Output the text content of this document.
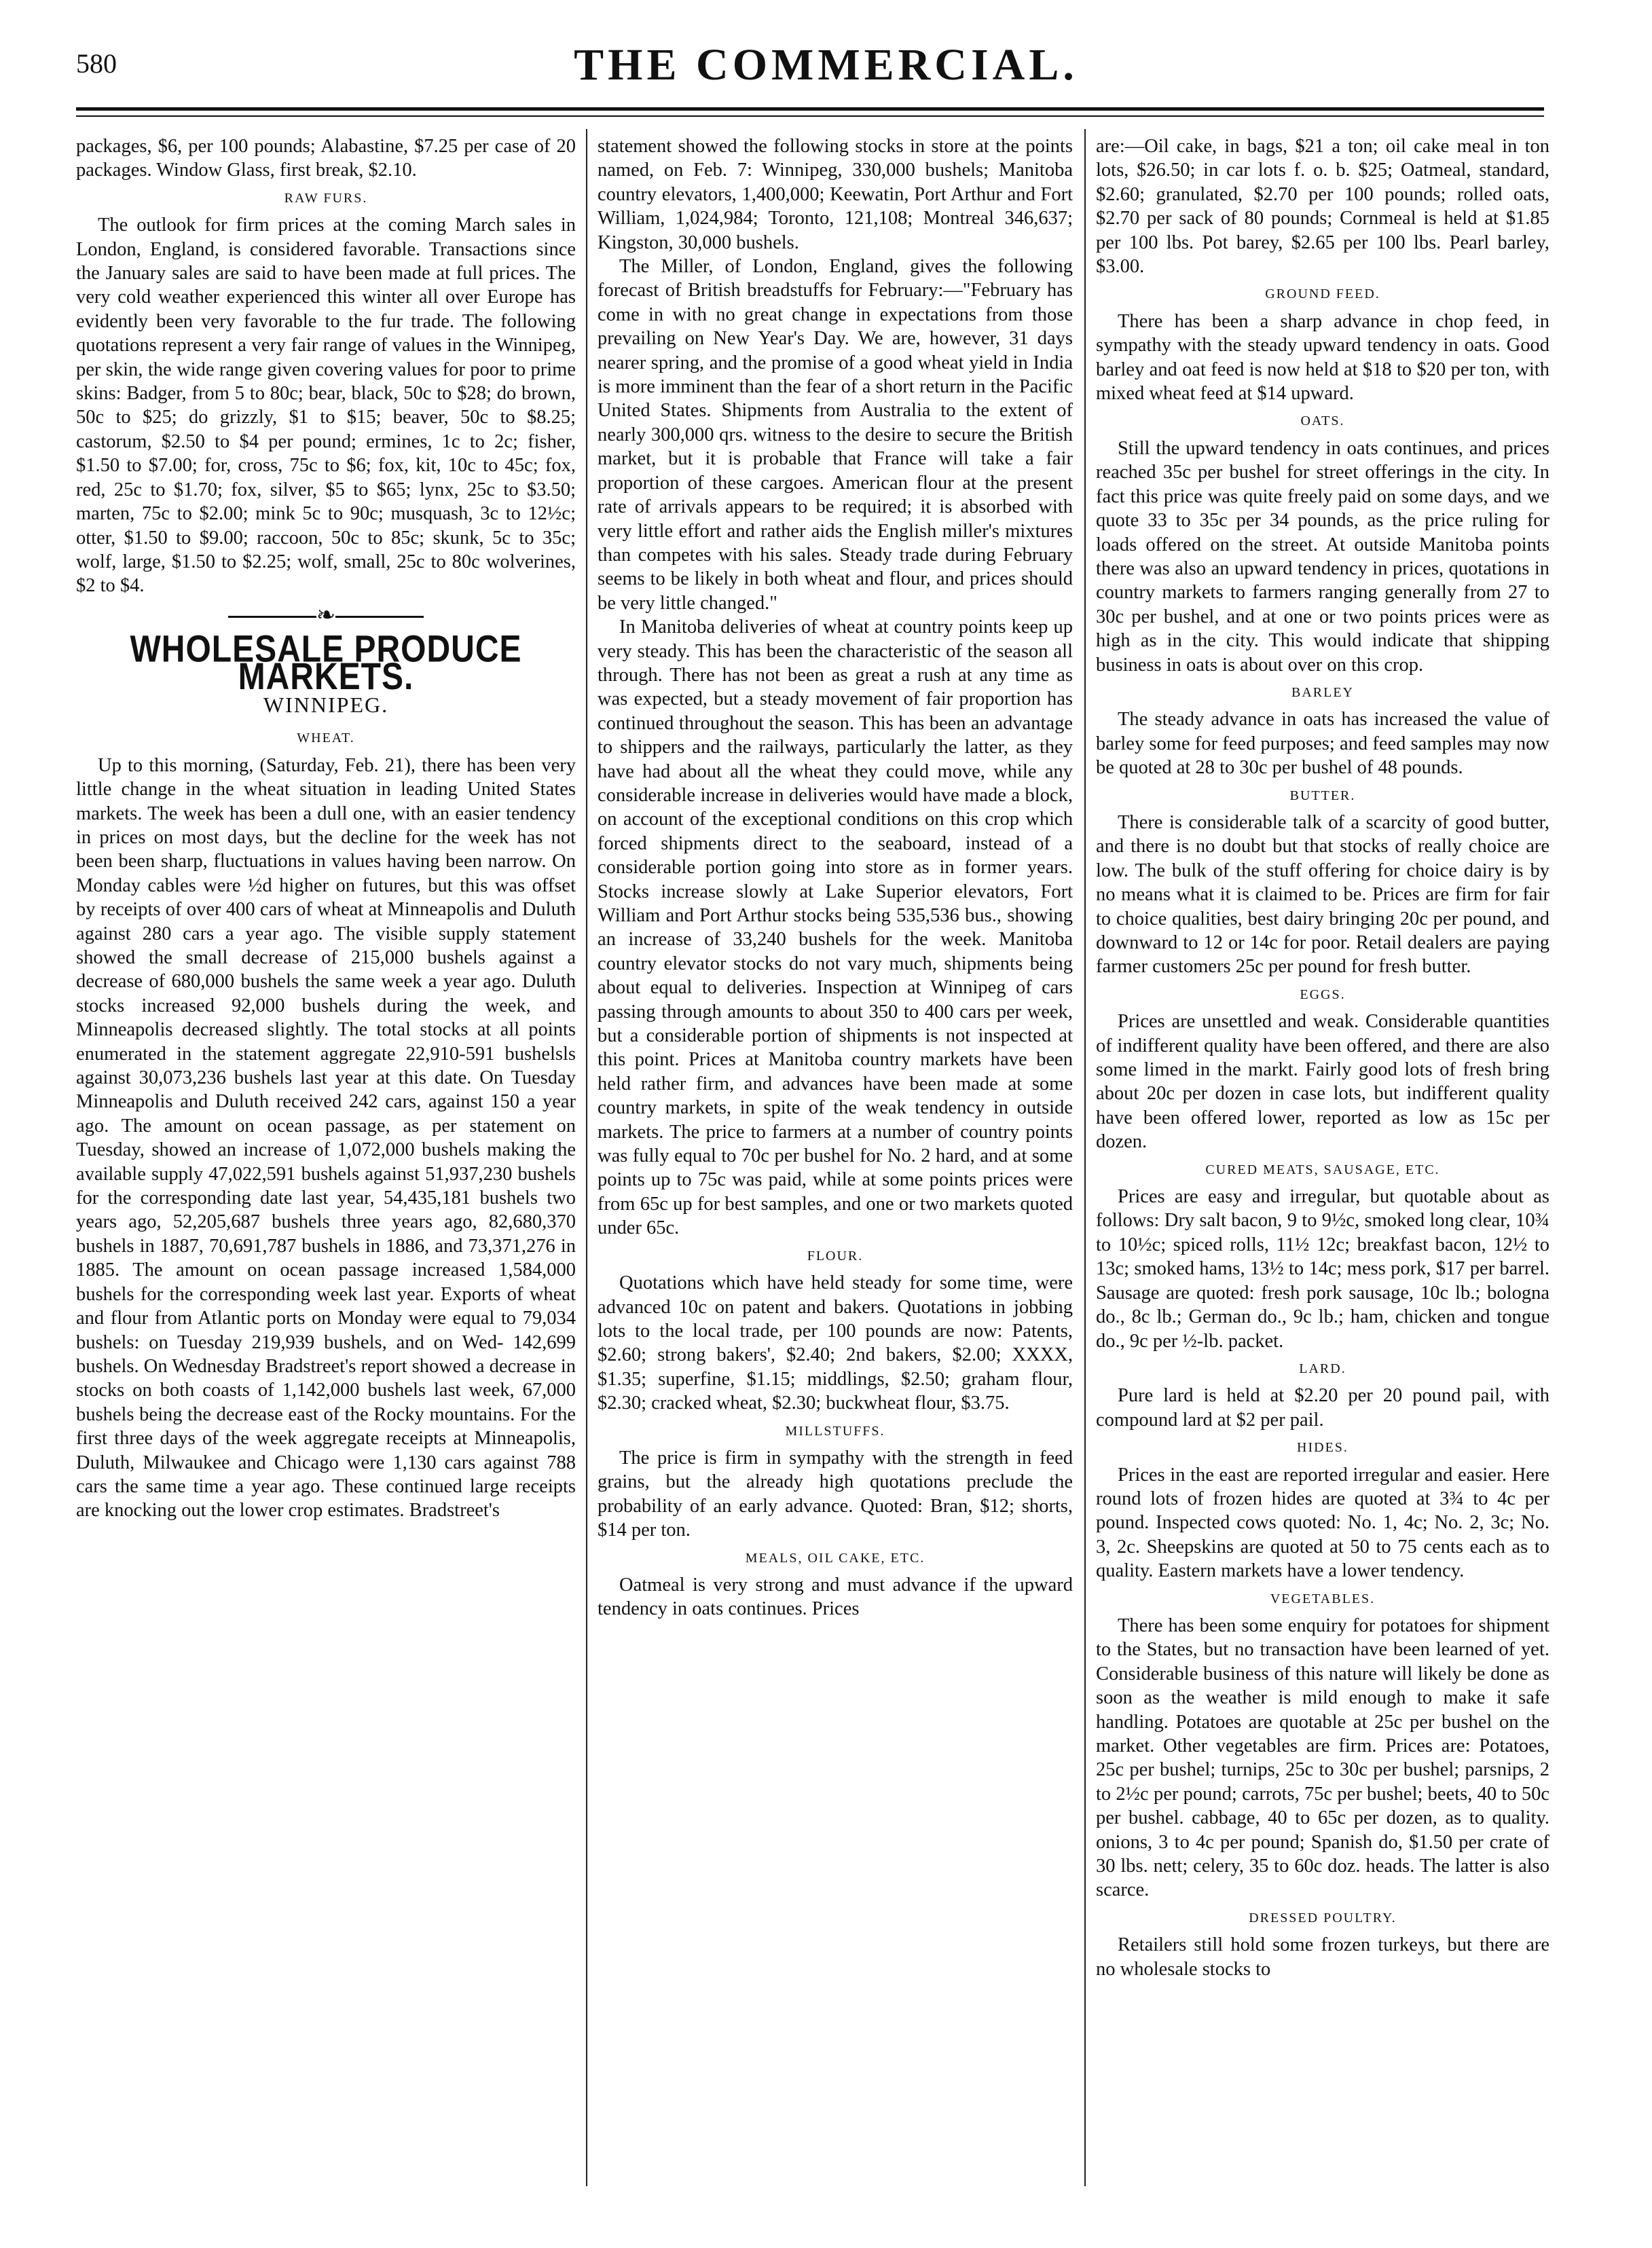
580	THE COMMERCIAL.

packages, $6, per 100 pounds; Alabastine, $7.25 per case of 20 packages. Window Glass, first break, $2.10.

RAW FURS.

The outlook for firm prices at the coming March sales in London, England, is considered favorable. Transactions since the January sales are said to have been made at full prices. The very cold weather experienced this winter all over Europe has evidently been very favorable to the fur trade. The following quotations represent a very fair range of values in the Winnipeg, per skin, the wide range given covering values for poor to prime skins: Badger, from 5 to 80c; bear, black, 50c to $28; do brown, 50c to $25; do grizzly, $1 to $15; beaver, 50c to $8.25; castorum, $2.50 to $4 per pound; ermines, 1c to 2c; fisher, $1.50 to $7.00; for, cross, 75c to $6; fox, kit, 10c to 45c; fox, red, 25c to $1.70; fox, silver, $5 to $65; lynx, 25c to $3.50; marten, 75c to $2.00; mink 5c to 90c; musquash, 3c to 12½c; otter, $1.50 to $9.00; raccoon, 50c to 85c; skunk, 5c to 35c; wolf, large, $1.50 to $2.25; wolf, small, 25c to 80c wolverines, $2 to $4.

❧
WHOLESALE PRODUCE MARKETS.
WINNIPEG.
WHEAT.

Up to this morning, (Saturday, Feb. 21), there has been very little change in the wheat situation in leading United States markets. The week has been a dull one, with an easier tendency in prices on most days, but the decline for the week has not been been sharp, fluctuations in values having been narrow. On Monday cables were ½d higher on futures, but this was offset by receipts of over 400 cars of wheat at Minneapolis and Duluth against 280 cars a year ago. The visible supply statement showed the small decrease of 215,000 bushels against a decrease of 680,000 bushels the same week a year ago. Duluth stocks increased 92,000 bushels during the week, and Minneapolis decreased slightly. The total stocks at all points enumerated in the statement aggregate 22,910-591 bushelsls against 30,073,236 bushels last year at this date. On Tuesday Minneapolis and Duluth received 242 cars, against 150 a year ago. The amount on ocean passage, as per statement on Tuesday, showed an increase of 1,072,000 bushels making the available supply 47,022,591 bushels against 51,937,230 bushels for the corresponding date last year, 54,435,181 bushels two years ago, 52,205,687 bushels three years ago, 82,680,370 bushels in 1887, 70,691,787 bushels in 1886, and 73,371,276 in 1885. The amount on ocean passage increased 1,584,000 bushels for the corresponding week last year. Exports of wheat and flour from Atlantic ports on Monday were equal to 79,034 bushels: on Tuesday 219,939 bushels, and on Wed- 142,699 bushels. On Wednesday Bradstreet's report showed a decrease in stocks on both coasts of 1,142,000 bushels last week, 67,000 bushels being the decrease east of the Rocky mountains. For the first three days of the week aggregate receipts at Minneapolis, Duluth, Milwaukee and Chicago were 1,130 cars against 788 cars the same time a year ago. These continued large receipts are knocking out the lower crop estimates. Bradstreet's

statement showed the following stocks in store at the points named, on Feb. 7: Winnipeg, 330,000 bushels; Manitoba country elevators, 1,400,000; Keewatin, Port Arthur and Fort William, 1,024,984; Toronto, 121,108; Montreal 346,637; Kingston, 30,000 bushels.

The Miller, of London, England, gives the following forecast of British breadstuffs for February:—"February has come in with no great change in expectations from those prevailing on New Year's Day. We are, however, 31 days nearer spring, and the promise of a good wheat yield in India is more imminent than the fear of a short return in the Pacific United States. Shipments from Australia to the extent of nearly 300,000 qrs. witness to the desire to secure the British market, but it is probable that France will take a fair proportion of these cargoes. American flour at the present rate of arrivals appears to be required; it is absorbed with very little effort and rather aids the English miller's mixtures than competes with his sales. Steady trade during February seems to be likely in both wheat and flour, and prices should be very little changed."

In Manitoba deliveries of wheat at country points keep up very steady. This has been the characteristic of the season all through. There has not been as great a rush at any time as was expected, but a steady movement of fair proportion has continued throughout the season. This has been an advantage to shippers and the railways, particularly the latter, as they have had about all the wheat they could move, while any considerable increase in deliveries would have made a block, on account of the exceptional conditions on this crop which forced shipments direct to the seaboard, instead of a considerable portion going into store as in former years. Stocks increase slowly at Lake Superior elevators, Fort William and Port Arthur stocks being 535,536 bus., showing an increase of 33,240 bushels for the week. Manitoba country elevator stocks do not vary much, shipments being about equal to deliveries. Inspection at Winnipeg of cars passing through amounts to about 350 to 400 cars per week, but a considerable portion of shipments is not inspected at this point. Prices at Manitoba country markets have been held rather firm, and advances have been made at some country markets, in spite of the weak tendency in outside markets. The price to farmers at a number of country points was fully equal to 70c per bushel for No. 2 hard, and at some points up to 75c was paid, while at some points prices were from 65c up for best samples, and one or two markets quoted under 65c.

FLOUR.

Quotations which have held steady for some time, were advanced 10c on patent and bakers. Quotations in jobbing lots to the local trade, per 100 pounds are now: Patents, $2.60; strong bakers', $2.40; 2nd bakers, $2.00; XXXX, $1.35; superfine, $1.15; middlings, $2.50; graham flour, $2.30; cracked wheat, $2.30; buckwheat flour, $3.75.

MILLSTUFFS.

The price is firm in sympathy with the strength in feed grains, but the already high quotations preclude the probability of an early advance. Quoted: Bran, $12; shorts, $14 per ton.

MEALS, OIL CAKE, ETC.

Oatmeal is very strong and must advance if the upward tendency in oats continues. Prices

are:—Oil cake, in bags, $21 a ton; oil cake meal in ton lots, $26.50; in car lots f. o. b. $25; Oatmeal, standard, $2.60; granulated, $2.70 per 100 pounds; rolled oats, $2.70 per sack of 80 pounds; Cornmeal is held at $1.85 per 100 lbs. Pot barey, $2.65 per 100 lbs. Pearl barley, $3.00.

GROUND FEED.

There has been a sharp advance in chop feed, in sympathy with the steady upward tendency in oats. Good barley and oat feed is now held at $18 to $20 per ton, with mixed wheat feed at $14 upward.

OATS.

Still the upward tendency in oats continues, and prices reached 35c per bushel for street offerings in the city. In fact this price was quite freely paid on some days, and we quote 33 to 35c per 34 pounds, as the price ruling for loads offered on the street. At outside Manitoba points there was also an upward tendency in prices, quotations in country markets to farmers ranging generally from 27 to 30c per bushel, and at one or two points prices were as high as in the city. This would indicate that shipping business in oats is about over on this crop.

BARLEY

The steady advance in oats has increased the value of barley some for feed purposes; and feed samples may now be quoted at 28 to 30c per bushel of 48 pounds.

BUTTER.

There is considerable talk of a scarcity of good butter, and there is no doubt but that stocks of really choice are low. The bulk of the stuff offering for choice dairy is by no means what it is claimed to be. Prices are firm for fair to choice qualities, best dairy bringing 20c per pound, and downward to 12 or 14c for poor. Retail dealers are paying farmer customers 25c per pound for fresh butter.

EGGS.

Prices are unsettled and weak. Considerable quantities of indifferent quality have been offered, and there are also some limed in the markt. Fairly good lots of fresh bring about 20c per dozen in case lots, but indifferent quality have been offered lower, reported as low as 15c per dozen.

CURED MEATS, SAUSAGE, ETC.

Prices are easy and irregular, but quotable about as follows: Dry salt bacon, 9 to 9½c, smoked long clear, 10¾ to 10½c; spiced rolls, 11½ 12c; breakfast bacon, 12½ to 13c; smoked hams, 13½ to 14c; mess pork, $17 per barrel. Sausage are quoted: fresh pork sausage, 10c lb.; bologna do., 8c lb.; German do., 9c lb.; ham, chicken and tongue do., 9c per ½-lb. packet.

LARD.

Pure lard is held at $2.20 per 20 pound pail, with compound lard at $2 per pail.

HIDES.

Prices in the east are reported irregular and easier. Here round lots of frozen hides are quoted at 3¾ to 4c per pound. Inspected cows quoted: No. 1, 4c; No. 2, 3c; No. 3, 2c. Sheepskins are quoted at 50 to 75 cents each as to quality. Eastern markets have a lower tendency.

VEGETABLES.

There has been some enquiry for potatoes for shipment to the States, but no transaction have been learned of yet. Considerable business of this nature will likely be done as soon as the weather is mild enough to make it safe handling. Potatoes are quotable at 25c per bushel on the market. Other vegetables are firm. Prices are: Potatoes, 25c per bushel; turnips, 25c to 30c per bushel; parsnips, 2 to 2½c per pound; carrots, 75c per bushel; beets, 40 to 50c per bushel. cabbage, 40 to 65c per dozen, as to quality. onions, 3 to 4c per pound; Spanish do, $1.50 per crate of 30 lbs. nett; celery, 35 to 60c doz. heads. The latter is also scarce.

DRESSED POULTRY.

Retailers still hold some frozen turkeys, but there are no wholesale stocks to
